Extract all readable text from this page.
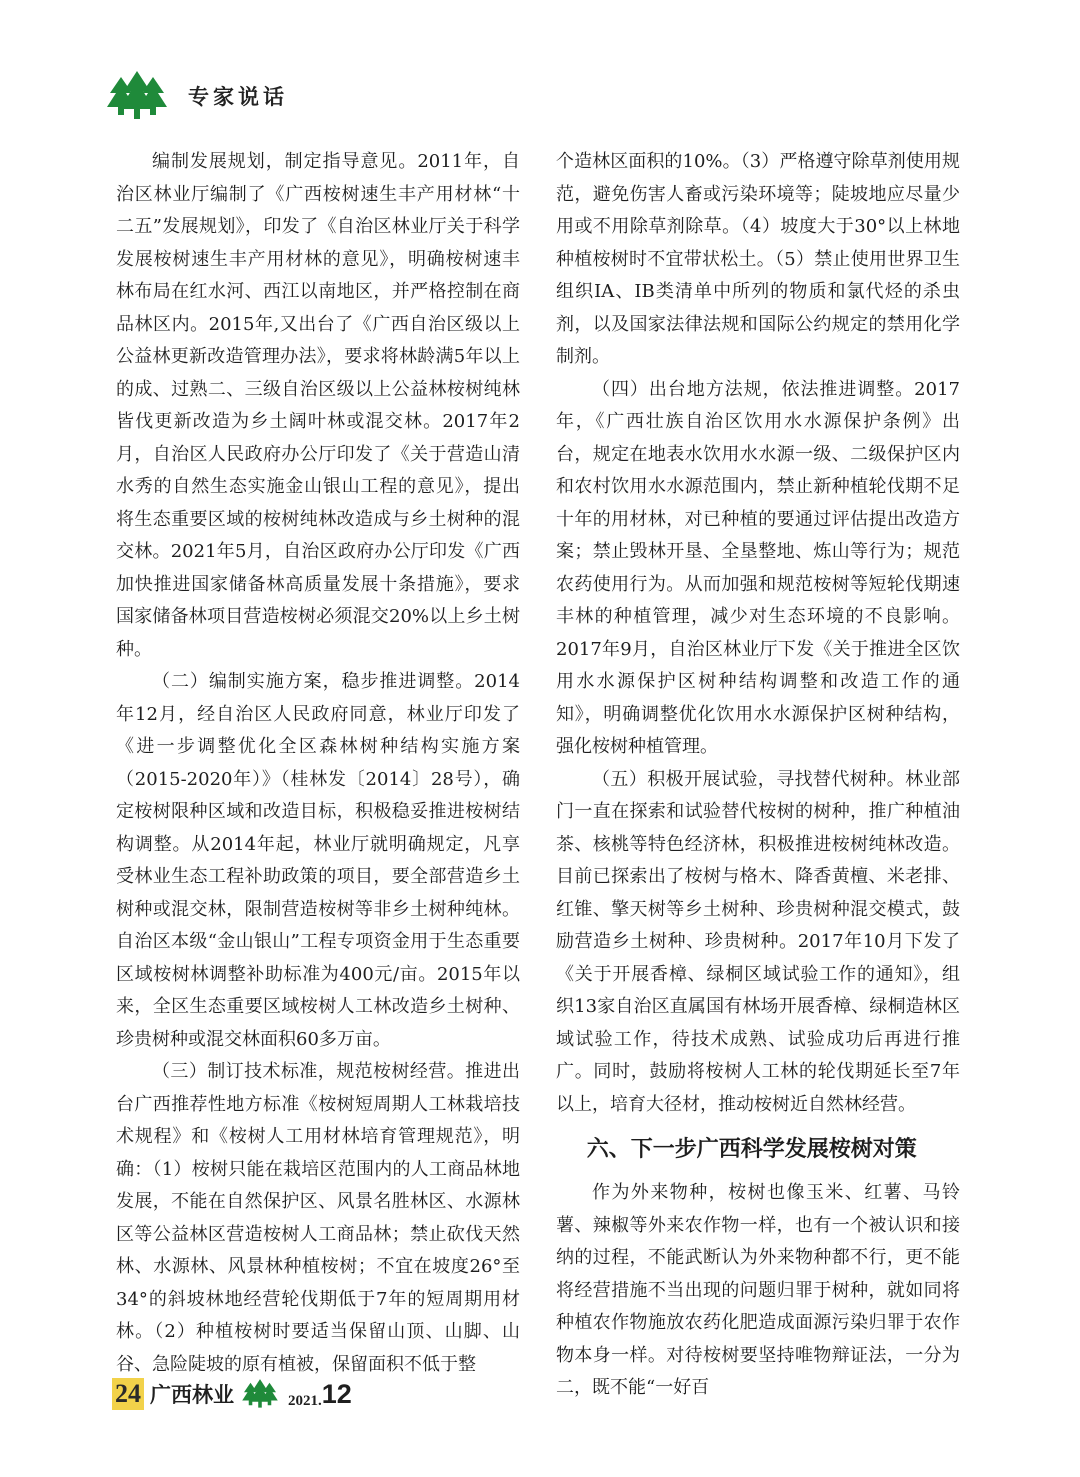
专家说话

编制发展规划，制定指导意见。2011年，自治区林业厅编制了《广西桉树速生丰产用材林“十二五”发展规划》，印发了《自治区林业厅关于科学发展桉树速生丰产用材林的意见》，明确桉树速丰林布局在红水河、西江以南地区，并严格控制在商品林区内。2015年,又出台了《广西自治区级以上公益林更新改造管理办法》，要求将林龄满5年以上的成、过熟二、三级自治区级以上公益林桉树纯林皆伐更新改造为乡土阔叶林或混交林。2017年2月，自治区人民政府办公厅印发了《关于营造山清水秀的自然生态实施金山银山工程的意见》，提出将生态重要区域的桉树纯林改造成与乡土树种的混交林。2021年5月，自治区政府办公厅印发《广西加快推进国家储备林高质量发展十条措施》，要求国家储备林项目营造桉树必须混交20%以上乡土树种。

（二）编制实施方案，稳步推进调整。2014年12月，经自治区人民政府同意，林业厅印发了《进一步调整优化全区森林树种结构实施方案（2015-2020年）》（桂林发〔2014〕28号），确定桉树限种区域和改造目标，积极稳妥推进桉树结构调整。从2014年起，林业厅就明确规定，凡享受林业生态工程补助政策的项目，要全部营造乡土树种或混交林，限制营造桉树等非乡土树种纯林。自治区本级“金山银山”工程专项资金用于生态重要区域桉树林调整补助标准为400元/亩。2015年以来，全区生态重要区域桉树人工林改造乡土树种、珍贵树种或混交林面积60多万亩。

（三）制订技术标准，规范桉树经营。推进出台广西推荐性地方标准《桉树短周期人工林栽培技术规程》和《桉树人工用材林培育管理规范》，明确：（1）桉树只能在栽培区范围内的人工商品林地发展，不能在自然保护区、风景名胜林区、水源林区等公益林区营造桉树人工商品林；禁止砍伐天然林、水源林、风景林种植桉树；不宜在坡度26°至34°的斜坡林地经营轮伐期低于7年的短周期用材林。（2）种植桉树时要适当保留山顶、山脚、山谷、急险陡坡的原有植被，保留面积不低于整

个造林区面积的10%。（3）严格遵守除草剂使用规范，避免伤害人畜或污染环境等；陡坡地应尽量少用或不用除草剂除草。（4）坡度大于30°以上林地种植桉树时不宜带状松土。（5）禁止使用世界卫生组织IA、IB类清单中所列的物质和氯代烃的杀虫剂，以及国家法律法规和国际公约规定的禁用化学制剂。

（四）出台地方法规，依法推进调整。2017年，《广西壮族自治区饮用水水源保护条例》出台，规定在地表水饮用水水源一级、二级保护区内和农村饮用水水源范围内，禁止新种植轮伐期不足十年的用材林，对已种植的要通过评估提出改造方案；禁止毁林开垦、全垦整地、炼山等行为；规范农药使用行为。从而加强和规范桉树等短轮伐期速丰林的种植管理，减少对生态环境的不良影响。2017年9月，自治区林业厅下发《关于推进全区饮用水水源保护区树种结构调整和改造工作的通知》，明确调整优化饮用水水源保护区树种结构，强化桉树种植管理。

（五）积极开展试验，寻找替代树种。林业部门一直在探索和试验替代桉树的树种，推广种植油茶、核桃等特色经济林，积极推进桉树纯林改造。目前已探索出了桉树与格木、降香黄檀、米老排、红锥、擎天树等乡土树种、珍贵树种混交模式，鼓励营造乡土树种、珍贵树种。2017年10月下发了《关于开展香樟、绿桐区域试验工作的通知》，组织13家自治区直属国有林场开展香樟、绿桐造林区域试验工作，待技术成熟、试验成功后再进行推广。同时，鼓励将桉树人工林的轮伐期延长至7年以上，培育大径材，推动桉树近自然林经营。

六、下一步广西科学发展桉树对策

作为外来物种，桉树也像玉米、红薯、马铃薯、辣椒等外来农作物一样，也有一个被认识和接纳的过程，不能武断认为外来物种都不行，更不能将经营措施不当出现的问题归罪于树种，就如同将种植农作物施放农药化肥造成面源污染归罪于农作物本身一样。对待桉树要坚持唯物辩证法，一分为二，既不能“一好百

24 广西林业	2021. 12
